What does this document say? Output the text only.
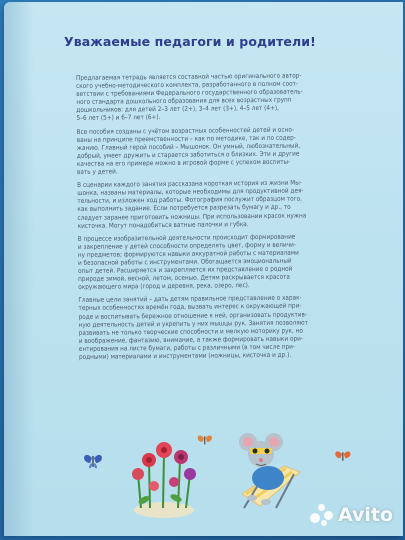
Уважаемые педагоги и родители!
Предлагаемая тетрадь является составной частью оригинального автор-
ского учебно-методического комплекта, разработанного в полном соот-
ветствии с требованиями Федерального государственного образователь-
ного стандарта дошкольного образования для всех возрастных групп
дошкольников: для детей 2–3 лет (2+), 3–4 лет (3+), 4–5 лет (4+),
5–6 лет (5+) и 6–7 лет (6+).
Все пособия созданы с учётом возрастных особенностей детей и осно-
ваны на принципе преемственности – как по методике, так и по содер-
жанию. Главный герой пособий – Мышонок. Он умный, любознательный,
добрый, умеет дружить и старается заботиться о близких. Эти и другие
качества на его примере можно в игровой форме с успехом воспиты-
вать у детей.
В сценарии каждого занятия рассказана короткая история из жизни Мы-
шонка, названы материалы, которые необходимы для продуктивной дея-
тельности, и изложен ход работы. Фотография послужит образцом того,
как выполнить задание. Если потребуется разрезать бумагу и др., то
следует заранее приготовить ножницы. При использовании красок нужна
кисточка. Могут понадобиться ватные палочки и губка.
В процессе изобразительной деятельности происходит формирование
и закрепление у детей способности определять цвет, форму и величи-
ну предметов; формируются навыки аккуратной работы с материалами
и безопасной работы с инструментами. Обогащается эмоциональный
опыт детей. Расширяется и закрепляется их представление о родной
природе зимой, весной, летом, осенью. Детям раскрывается красота
окружающего мира (город и деревня, река, озеро, лес).
Главные цели занятий – дать детям правильное представление о харак-
терных особенностях времён года, вызвать интерес к окружающей при-
роде и воспитывать бережное отношение к ней, организовать продуктив-
ную деятельность детей и укрепить у них мышцы рук. Занятия позволяют
развивать не только творческие способности и мелкую моторику рук, но
и воображение, фантазию, внимание, а также формировать навыки ори-
ентирования на листе бумаги, работы с различными (в том числе при-
родными) материалами и инструментами (ножницы, кисточка и др.).
Avito
